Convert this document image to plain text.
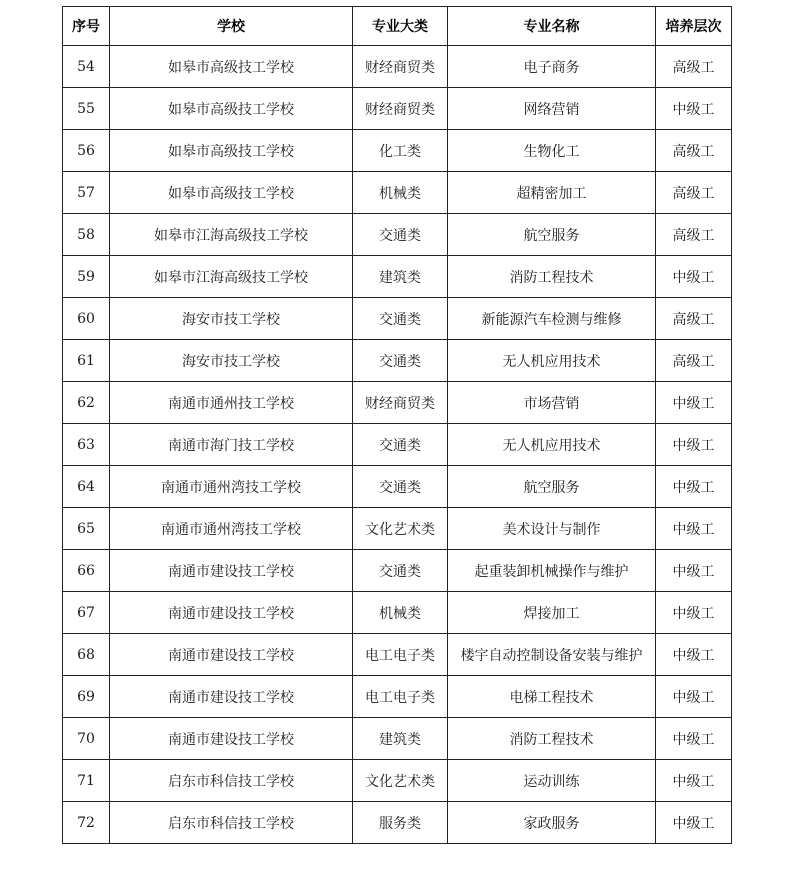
序号	学校	专业大类	专业名称	培养层次
54	如皋市高级技工学校	财经商贸类	电子商务	高级工
55	如皋市高级技工学校	财经商贸类	网络营销	中级工
56	如皋市高级技工学校	化工类	生物化工	高级工
57	如皋市高级技工学校	机械类	超精密加工	高级工
58	如皋市江海高级技工学校	交通类	航空服务	高级工
59	如皋市江海高级技工学校	建筑类	消防工程技术	中级工
60	海安市技工学校	交通类	新能源汽车检测与维修	高级工
61	海安市技工学校	交通类	无人机应用技术	高级工
62	南通市通州技工学校	财经商贸类	市场营销	中级工
63	南通市海门技工学校	交通类	无人机应用技术	中级工
64	南通市通州湾技工学校	交通类	航空服务	中级工
65	南通市通州湾技工学校	文化艺术类	美术设计与制作	中级工
66	南通市建设技工学校	交通类	起重装卸机械操作与维护	中级工
67	南通市建设技工学校	机械类	焊接加工	中级工
68	南通市建设技工学校	电工电子类	楼宇自动控制设备安装与维护	中级工
69	南通市建设技工学校	电工电子类	电梯工程技术	中级工
70	南通市建设技工学校	建筑类	消防工程技术	中级工
71	启东市科信技工学校	文化艺术类	运动训练	中级工
72	启东市科信技工学校	服务类	家政服务	中级工
